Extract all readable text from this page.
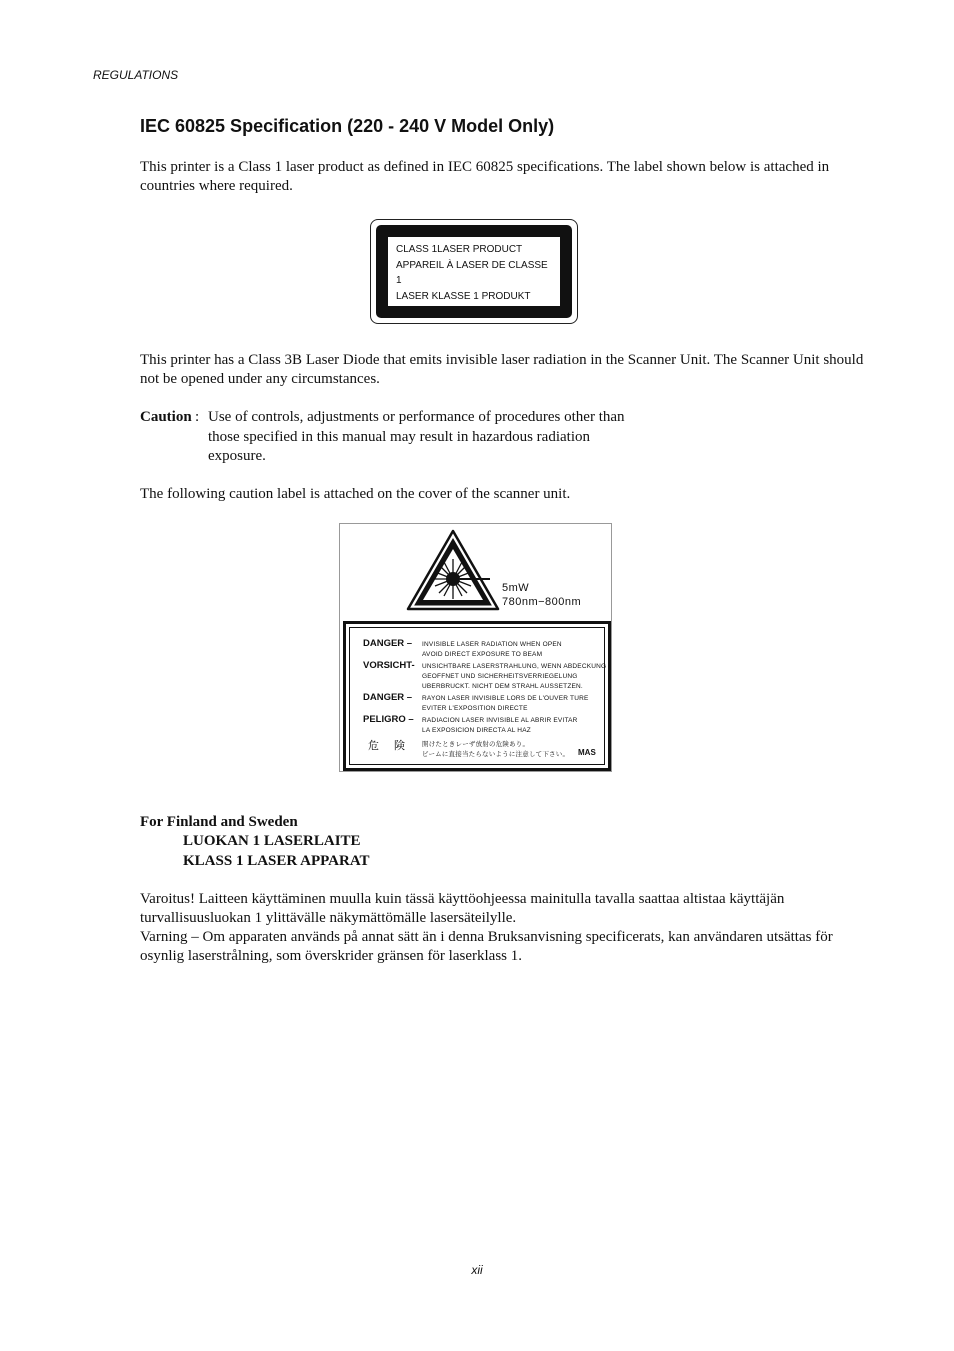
REGULATIONS
IEC 60825 Specification (220 - 240 V Model Only)
This printer is a Class 1 laser product as defined in IEC 60825 specifications. The label shown below is attached in countries where required.
CLASS 1LASER PRODUCT
APPAREIL À LASER DE CLASSE 1
LASER KLASSE 1 PRODUKT
This printer has a Class 3B Laser Diode that emits invisible laser radiation in the Scanner Unit. The Scanner Unit should not be opened under any circumstances.
Caution : Use of controls, adjustments or performance of procedures other than
those specified in this manual may result in hazardous radiation
exposure.
The following caution label is attached on the cover of the scanner unit.
5mW
780nm−800nm
DANGER – INVISIBLE LASER RADIATION WHEN OPEN
AVOID DIRECT EXPOSURE TO BEAM
VORSICHT- UNSICHTBARE LASERSTRAHLUNG, WENN ABDECKUNG
GEOFFNET UND SICHERHEITSVERRIEGELUNG
UBERBRUCKT. NICHT DEM STRAHL AUSSETZEN.
DANGER – RAYON LASER INVISIBLE LORS DE L'OUVER TURE
EVITER L'EXPOSITION DIRECTE
PELIGRO – RADIACION LASER INVISIBLE AL ABRIR EVITAR
LA EXPOSICION DIRECTA AL HAZ
危 険 開けたときレーザ放射の危険あり。
ビームに直接当たらないように注意して下さい。 MAS
For Finland and Sweden
LUOKAN 1 LASERLAITE
KLASS 1 LASER APPARAT
Varoitus! Laitteen käyttäminen muulla kuin tässä käyttöohjeessa mainitulla tavalla saattaa altistaa käyttäjän turvallisuusluokan 1 ylittävälle näkymättömälle lasersäteilylle.
Varning – Om apparaten används på annat sätt än i denna Bruksanvisning specificerats, kan användaren utsättas för osynlig laserstrålning, som överskrider gränsen för laserklass 1.
xii
